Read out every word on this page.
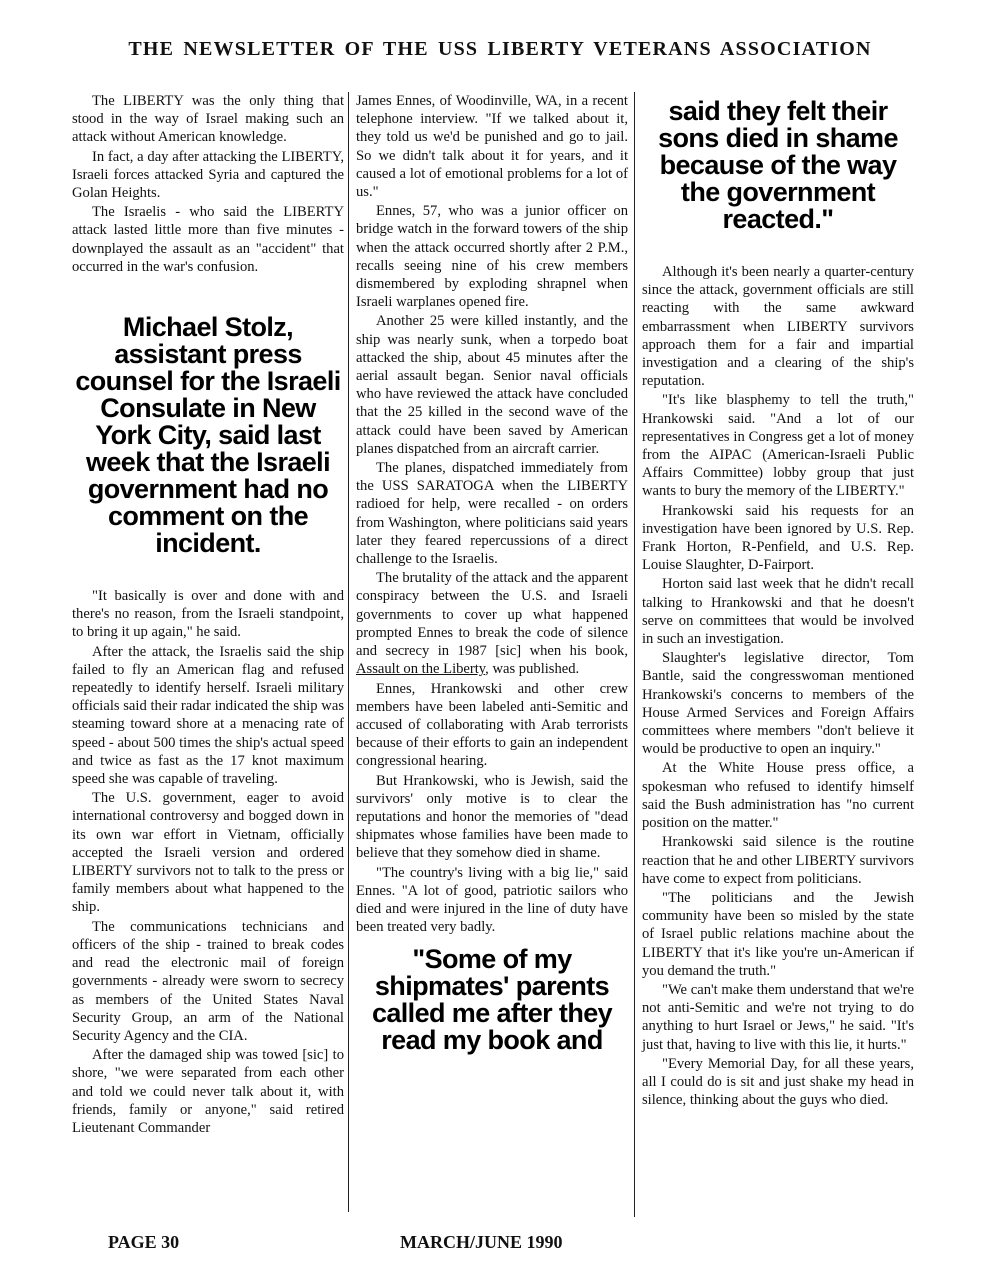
THE NEWSLETTER OF THE USS LIBERTY VETERANS ASSOCIATION

The LIBERTY was the only thing that stood in the way of Israel making such an attack without American knowledge.

In fact, a day after attacking the LIBERTY, Israeli forces attacked Syria and captured the Golan Heights.

The Israelis - who said the LIBERTY attack lasted little more than five minutes - downplayed the assault as an "accident" that occurred in the war's confusion.

Michael Stolz, assistant press counsel for the Israeli Consulate in New York City, said last week that the Israeli government had no comment on the incident.

"It basically is over and done with and there's no reason, from the Israeli standpoint, to bring it up again," he said.

After the attack, the Israelis said the ship failed to fly an American flag and refused repeatedly to identify herself. Israeli military officials said their radar indicated the ship was steaming toward shore at a menacing rate of speed - about 500 times the ship's actual speed and twice as fast as the 17 knot maximum speed she was capable of traveling.

The U.S. government, eager to avoid international controversy and bogged down in its own war effort in Vietnam, officially accepted the Israeli version and ordered LIBERTY survivors not to talk to the press or family members about what happened to the ship.

The communications technicians and officers of the ship - trained to break codes and read the electronic mail of foreign governments - already were sworn to secrecy as members of the United States Naval Security Group, an arm of the National Security Agency and the CIA.

After the damaged ship was towed [sic] to shore, "we were separated from each other and told we could never talk about it, with friends, family or anyone," said retired Lieutenant Commander

James Ennes, of Woodinville, WA, in a recent telephone interview. "If we talked about it, they told us we'd be punished and go to jail. So we didn't talk about it for years, and it caused a lot of emotional problems for a lot of us."

Ennes, 57, who was a junior officer on bridge watch in the forward towers of the ship when the attack occurred shortly after 2 P.M., recalls seeing nine of his crew members dismembered by exploding shrapnel when Israeli warplanes opened fire.

Another 25 were killed instantly, and the ship was nearly sunk, when a torpedo boat attacked the ship, about 45 minutes after the aerial assault began. Senior naval officials who have reviewed the attack have concluded that the 25 killed in the second wave of the attack could have been saved by American planes dispatched from an aircraft carrier.

The planes, dispatched immediately from the USS SARATOGA when the LIBERTY radioed for help, were recalled - on orders from Washington, where politicians said years later they feared repercussions of a direct challenge to the Israelis.

The brutality of the attack and the apparent conspiracy between the U.S. and Israeli governments to cover up what happened prompted Ennes to break the code of silence and secrecy in 1987 [sic] when his book, Assault on the Liberty, was published.

Ennes, Hrankowski and other crew members have been labeled anti-Semitic and accused of collaborating with Arab terrorists because of their efforts to gain an independent congressional hearing.

But Hrankowski, who is Jewish, said the survivors' only motive is to clear the reputations and honor the memories of "dead shipmates whose families have been made to believe that they somehow died in shame.

"The country's living with a big lie," said Ennes. "A lot of good, patriotic sailors who died and were injured in the line of duty have been treated very badly.

"Some of my shipmates' parents called me after they read my book and
said they felt their sons died in shame because of the way the government reacted."

Although it's been nearly a quarter-century since the attack, government officials are still reacting with the same awkward embarrassment when LIBERTY survivors approach them for a fair and impartial investigation and a clearing of the ship's reputation.

"It's like blasphemy to tell the truth," Hrankowski said. "And a lot of our representatives in Congress get a lot of money from the AIPAC (American-Israeli Public Affairs Committee) lobby group that just wants to bury the memory of the LIBERTY."

Hrankowski said his requests for an investigation have been ignored by U.S. Rep. Frank Horton, R-Penfield, and U.S. Rep. Louise Slaughter, D-Fairport.

Horton said last week that he didn't recall talking to Hrankowski and that he doesn't serve on committees that would be involved in such an investigation.

Slaughter's legislative director, Tom Bantle, said the congresswoman mentioned Hrankowski's concerns to members of the House Armed Services and Foreign Affairs committees where members "don't believe it would be productive to open an inquiry."

At the White House press office, a spokesman who refused to identify himself said the Bush administration has "no current position on the matter."

Hrankowski said silence is the routine reaction that he and other LIBERTY survivors have come to expect from politicians.

"The politicians and the Jewish community have been so misled by the state of Israel public relations machine about the LIBERTY that it's like you're un-American if you demand the truth."

"We can't make them understand that we're not anti-Semitic and we're not trying to do anything to hurt Israel or Jews," he said. "It's just that, having to live with this lie, it hurts."

"Every Memorial Day, for all these years, all I could do is sit and just shake my head in silence, thinking about the guys who died.

PAGE 30	MARCH/JUNE 1990
